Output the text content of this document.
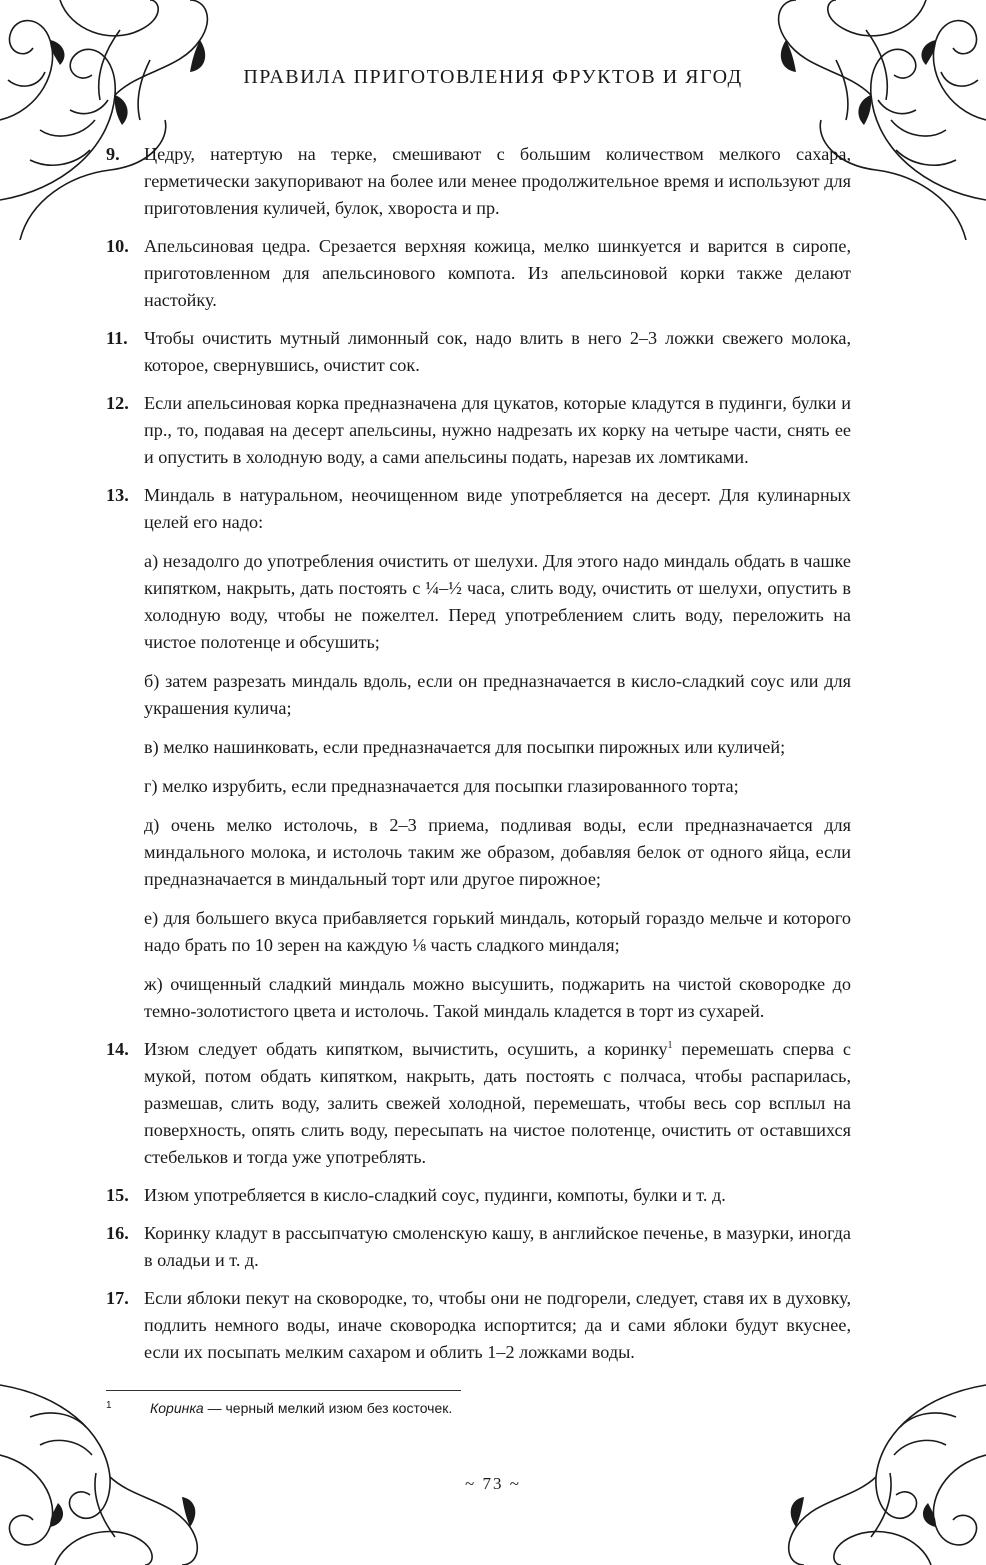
ПРАВИЛА ПРИГОТОВЛЕНИЯ ФРУКТОВ И ЯГОД
9.	Цедру, натертую на терке, смешивают с большим количеством мелкого сахара, герметически закупоривают на более или менее продолжительное время и используют для приготовления куличей, булок, хвороста и пр.

10. Апельсиновая цедра. Срезается верхняя кожица, мелко шинкуется и варится в сиропе, приготовленном для апельсинового компота. Из апельсиновой корки также делают настойку.

11. Чтобы очистить мутный лимонный сок, надо влить в него 2–3 ложки свежего молока, которое, свернувшись, очистит сок.

12. Если апельсиновая корка предназначена для цукатов, которые кладутся в пудинги, булки и пр., то, подавая на десерт апельсины, нужно надрезать их корку на четыре части, снять ее и опустить в холодную воду, а сами апельсины подать, нарезав их ломтиками.

13. Миндаль в натуральном, неочищенном виде употребляется на десерт. Для кулинарных целей его надо:

а) незадолго до употребления очистить от шелухи. Для этого надо миндаль обдать в чашке кипятком, накрыть, дать постоять с ¼–½ часа, слить воду, очистить от шелухи, опустить в холодную воду, чтобы не пожелтел. Перед употреблением слить воду, переложить на чистое полотенце и обсушить;

б) затем разрезать миндаль вдоль, если он предназначается в кисло-сладкий соус или для украшения кулича;

в) мелко нашинковать, если предназначается для посыпки пирожных или куличей;

г) мелко изрубить, если предназначается для посыпки глазированного торта;

д) очень мелко истолочь, в 2–3 приема, подливая воды, если предназначается для миндального молока, и истолочь таким же образом, добавляя белок от одного яйца, если предназначается в миндальный торт или другое пирожное;

е) для большего вкуса прибавляется горький миндаль, который гораздо мельче и которого надо брать по 10 зерен на каждую ⅛ часть сладкого миндаля;

ж) очищенный сладкий миндаль можно высушить, поджарить на чистой сковородке до темно-золотистого цвета и истолочь. Такой миндаль кладется в торт из сухарей.

14. Изюм следует обдать кипятком, вычистить, осушить, а коринку$^1$ перемешать сперва с мукой, потом обдать кипятком, накрыть, дать постоять с полчаса, чтобы распарилась, размешав, слить воду, залить свежей холодной, перемешать, чтобы весь сор всплыл на поверхность, опять слить воду, пересыпать на чистое полотенце, очистить от оставшихся стебельков и тогда уже употреблять.

15. Изюм употребляется в кисло-сладкий соус, пудинги, компоты, булки и т. д.

16. Коринку кладут в рассыпчатую смоленскую кашу, в английское печенье, в мазурки, иногда в оладьи и т. д.

17. Если яблоки пекут на сковородке, то, чтобы они не подгорели, следует, ставя их в духовку, подлить немного воды, иначе сковородка испортится; да и сами яблоки будут вкуснее, если их посыпать мелким сахаром и облить 1–2 ложками воды.

1	Коринка — черный мелкий изюм без косточек.
~ 73 ~
